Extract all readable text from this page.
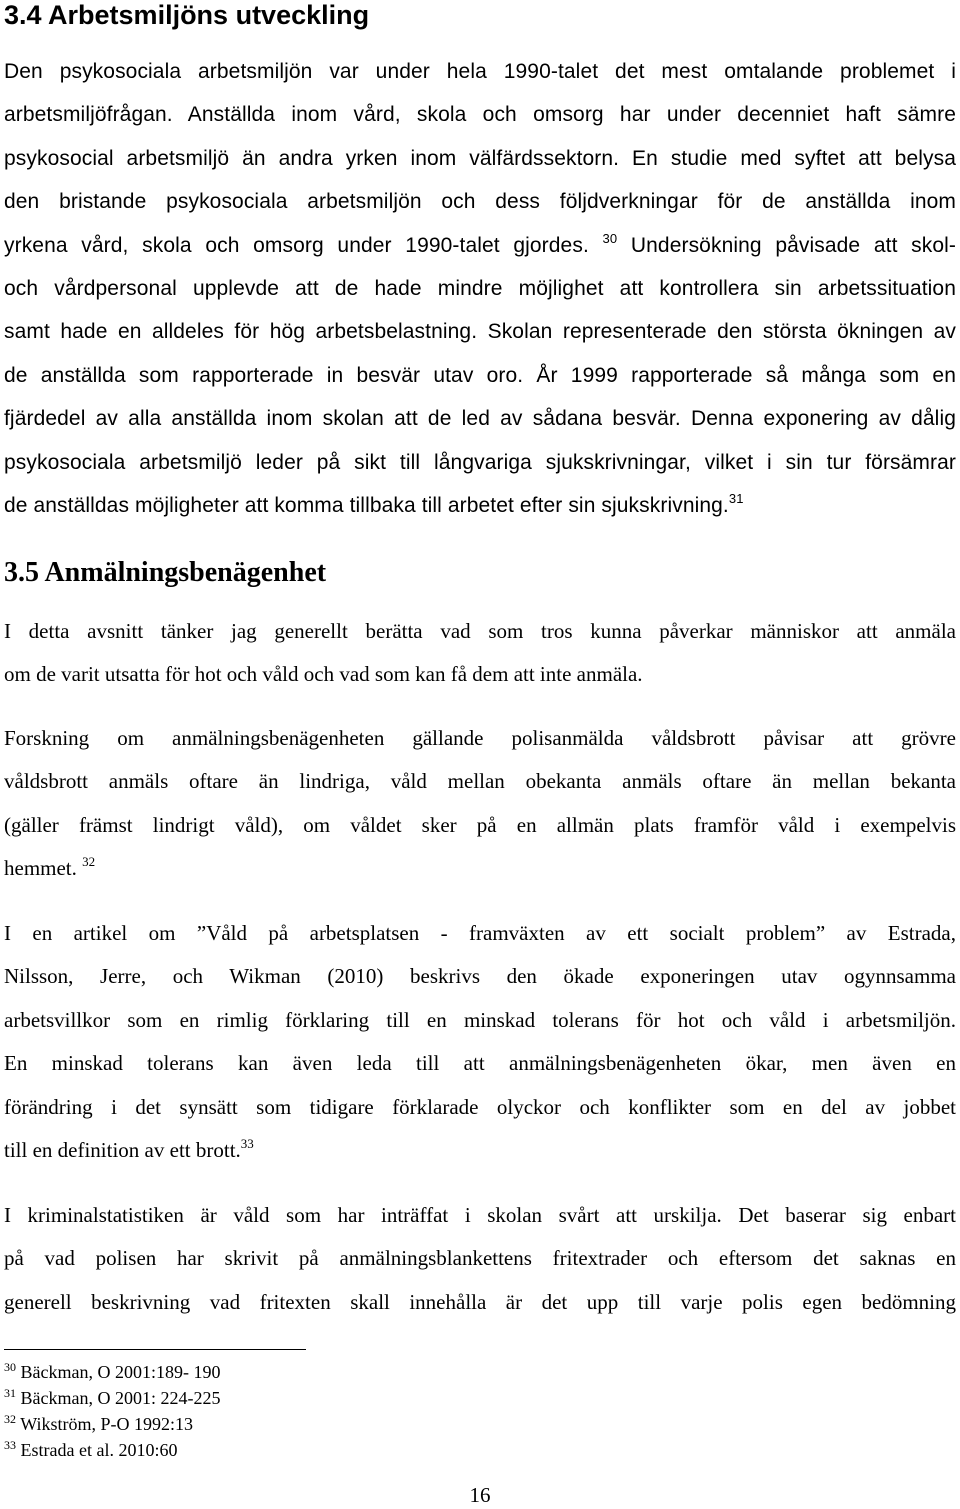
3.4 Arbetsmiljöns utveckling
Den psykosociala arbetsmiljön var under hela 1990-talet det mest omtalande problemet i
arbetsmiljöfrågan. Anställda inom vård, skola och omsorg har under decenniet haft sämre
psykosocial arbetsmiljö än andra yrken inom välfärdssektorn. En studie med syftet att belysa
den bristande psykosociala arbetsmiljön och dess följdverkningar för de anställda inom
yrkena vård, skola och omsorg under 1990-talet gjordes. $^{30}$ Undersökning påvisade att skol-
och vårdpersonal upplevde att de hade mindre möjlighet att kontrollera sin arbetssituation
samt hade en alldeles för hög arbetsbelastning. Skolan representerade den största ökningen av
de anställda som rapporterade in besvär utav oro. År 1999 rapporterade så många som en
fjärdedel av alla anställda inom skolan att de led av sådana besvär. Denna exponering av dålig
psykosociala arbetsmiljö leder på sikt till långvariga sjukskrivningar, vilket i sin tur försämrar
de anställdas möjligheter att komma tillbaka till arbetet efter sin sjukskrivning.$^{31}$
3.5 Anmälningsbenägenhet
I detta avsnitt tänker jag generellt berätta vad som tros kunna påverkar människor att anmäla
om de varit utsatta för hot och våld och vad som kan få dem att inte anmäla.
Forskning om anmälningsbenägenheten gällande polisanmälda våldsbrott påvisar att grövre
våldsbrott anmäls oftare än lindriga, våld mellan obekanta anmäls oftare än mellan bekanta
(gäller främst lindrigt våld), om våldet sker på en allmän plats framför våld i exempelvis
hemmet. $^{32}$
I en artikel om ”Våld på arbetsplatsen - framväxten av ett socialt problem” av Estrada,
Nilsson, Jerre, och Wikman (2010) beskrivs den ökade exponeringen utav ogynnsamma
arbetsvillkor som en rimlig förklaring till en minskad tolerans för hot och våld i arbetsmiljön.
En minskad tolerans kan även leda till att anmälningsbenägenheten ökar, men även en
förändring i det synsätt som tidigare förklarade olyckor och konflikter som en del av jobbet
till en definition av ett brott.$^{33}$
I kriminalstatistiken är våld som har inträffat i skolan svårt att urskilja. Det baserar sig enbart
på vad polisen har skrivit på anmälningsblankettens fritextrader och eftersom det saknas en
generell beskrivning vad fritexten skall innehålla är det upp till varje polis egen bedömning
$^{30}$ Bäckman, O 2001:189- 190
$^{31}$ Bäckman, O 2001: 224-225
$^{32}$ Wikström, P-O 1992:13
$^{33}$ Estrada et al. 2010:60
16
